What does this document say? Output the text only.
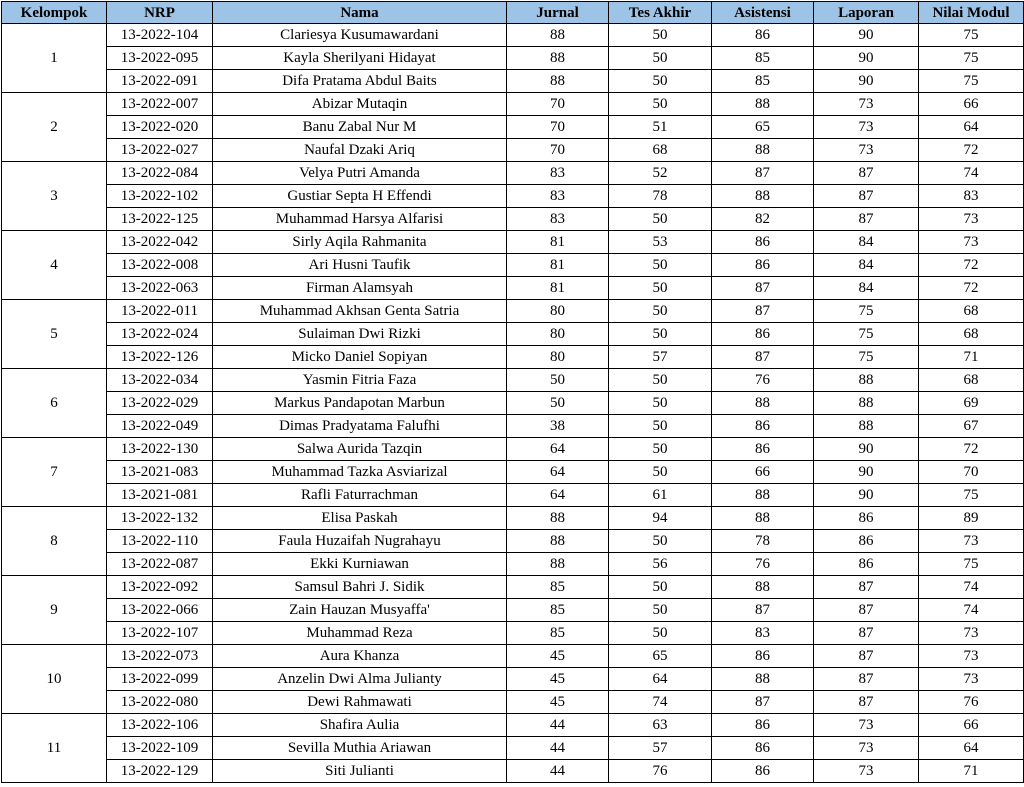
Kelompok	NRP	Nama	Jurnal	Tes Akhir	Asistensi	Laporan	Nilai Modul
1	13-2022-104	Clariesya Kusumawardani	88	50	86	90	75
	13-2022-095	Kayla Sherilyani Hidayat	88	50	85	90	75
	13-2022-091	Difa Pratama Abdul Baits	88	50	85	90	75
2	13-2022-007	Abizar Mutaqin	70	50	88	73	66
	13-2022-020	Banu Zabal Nur M	70	51	65	73	64
	13-2022-027	Naufal Dzaki Ariq	70	68	88	73	72
3	13-2022-084	Velya Putri Amanda	83	52	87	87	74
	13-2022-102	Gustiar Septa H Effendi	83	78	88	87	83
	13-2022-125	Muhammad Harsya Alfarisi	83	50	82	87	73
4	13-2022-042	Sirly Aqila Rahmanita	81	53	86	84	73
	13-2022-008	Ari Husni Taufik	81	50	86	84	72
	13-2022-063	Firman Alamsyah	81	50	87	84	72
5	13-2022-011	Muhammad Akhsan Genta Satria	80	50	87	75	68
	13-2022-024	Sulaiman Dwi Rizki	80	50	86	75	68
	13-2022-126	Micko Daniel Sopiyan	80	57	87	75	71
6	13-2022-034	Yasmin Fitria Faza	50	50	76	88	68
	13-2022-029	Markus Pandapotan Marbun	50	50	88	88	69
	13-2022-049	Dimas Pradyatama Falufhi	38	50	86	88	67
7	13-2022-130	Salwa Aurida Tazqin	64	50	86	90	72
	13-2021-083	Muhammad Tazka Asviarizal	64	50	66	90	70
	13-2021-081	Rafli Faturrachman	64	61	88	90	75
8	13-2022-132	Elisa Paskah	88	94	88	86	89
	13-2022-110	Faula Huzaifah Nugrahayu	88	50	78	86	73
	13-2022-087	Ekki Kurniawan	88	56	76	86	75
9	13-2022-092	Samsul Bahri J. Sidik	85	50	88	87	74
	13-2022-066	Zain Hauzan Musyaffa'	85	50	87	87	74
	13-2022-107	Muhammad Reza	85	50	83	87	73
10	13-2022-073	Aura Khanza	45	65	86	87	73
	13-2022-099	Anzelin Dwi Alma Julianty	45	64	88	87	73
	13-2022-080	Dewi Rahmawati	45	74	87	87	76
11	13-2022-106	Shafira Aulia	44	63	86	73	66
	13-2022-109	Sevilla Muthia Ariawan	44	57	86	73	64
	13-2022-129	Siti Julianti	44	76	86	73	71
